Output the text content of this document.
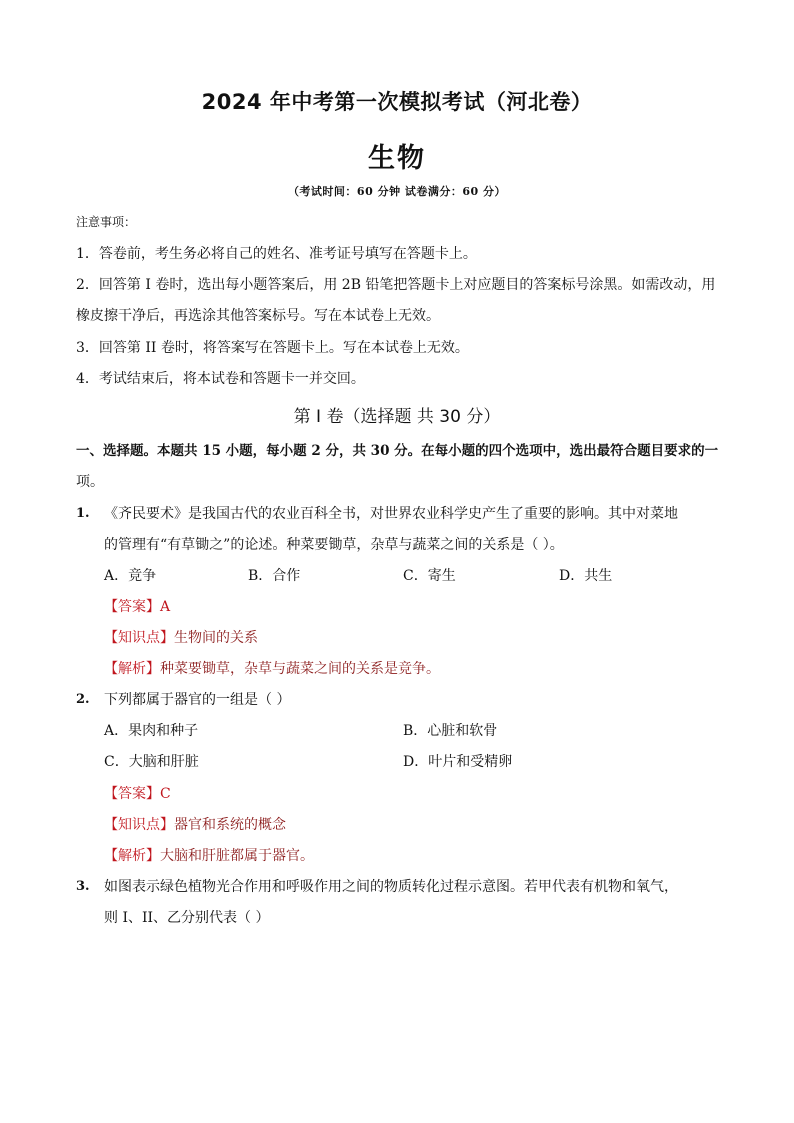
2024 年中考第一次模拟考试（河北卷）
生物
（考试时间：60 分钟 试卷满分：60 分）
注意事项：
1．答卷前，考生务必将自己的姓名、准考证号填写在答题卡上。
2．回答第 I 卷时，选出每小题答案后，用 2B 铅笔把答题卡上对应题目的答案标号涂黑。如需改动，用
橡皮擦干净后，再选涂其他答案标号。写在本试卷上无效。
3．回答第 II 卷时，将答案写在答题卡上。写在本试卷上无效。
4．考试结束后，将本试卷和答题卡一并交回。
第 I 卷（选择题 共 30 分）
一、选择题。本题共 15 小题，每小题 2 分，共 30 分。在每小题的四个选项中，选出最符合题目要求的一
项。
1. 《齐民要术》是我国古代的农业百科全书，对世界农业科学史产生了重要的影响。其中对菜地
的管理有“有草锄之”的论述。种菜要锄草，杂草与蔬菜之间的关系是（ ）。
A．竞争	B．合作	C．寄生	D．共生
【答案】A
【知识点】生物间的关系
【解析】种菜要锄草，杂草与蔬菜之间的关系是竞争。
2. 下列都属于器官的一组是（ ）
A．果肉和种子	B．心脏和软骨
C．大脑和肝脏	D．叶片和受精卵
【答案】C
【知识点】器官和系统的概念
【解析】大脑和肝脏都属于器官。
3. 如图表示绿色植物光合作用和呼吸作用之间的物质转化过程示意图。若甲代表有机物和氧气，
则 I、II、乙分别代表（ ）
